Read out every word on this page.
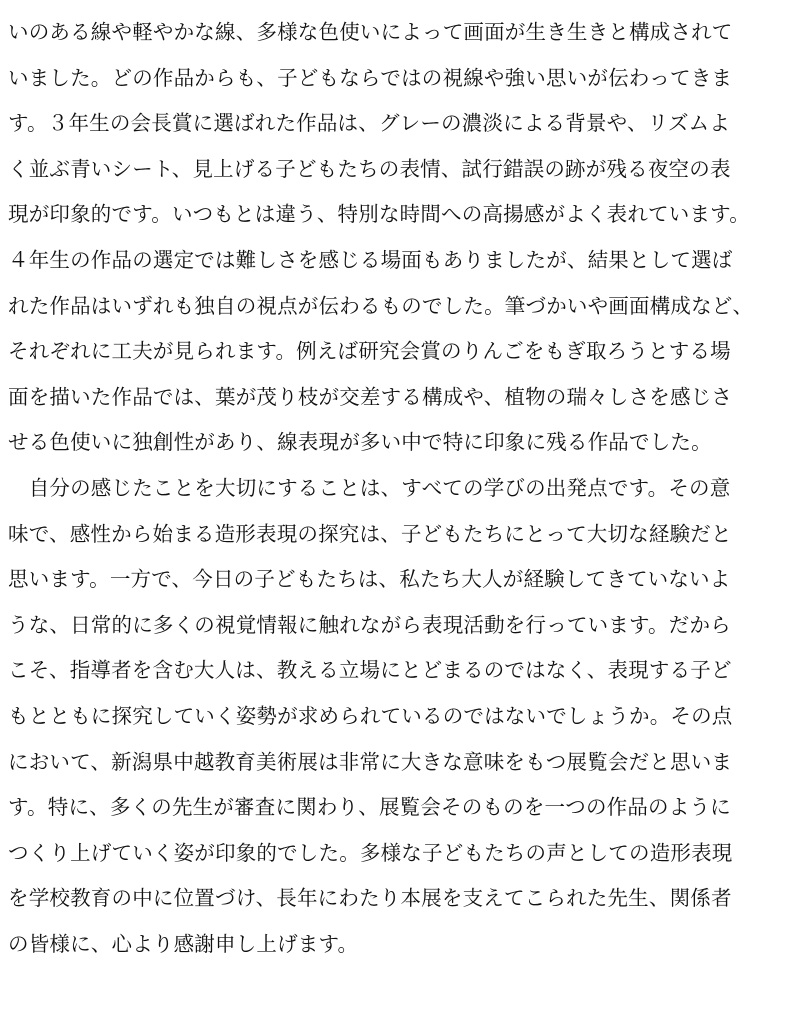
いのある線や軽やかな線、多様な色使いによって画面が生き生きと構成されて
いました。どの作品からも、子どもならではの視線や強い思いが伝わってきま
す。３年生の会長賞に選ばれた作品は、グレーの濃淡による背景や、リズムよ
く並ぶ青いシート、見上げる子どもたちの表情、試行錯誤の跡が残る夜空の表
現が印象的です。いつもとは違う、特別な時間への高揚感がよく表れています。
４年生の作品の選定では難しさを感じる場面もありましたが、結果として選ば
れた作品はいずれも独自の視点が伝わるものでした。筆づかいや画面構成など、
それぞれに工夫が見られます。例えば研究会賞のりんごをもぎ取ろうとする場
面を描いた作品では、葉が茂り枝が交差する構成や、植物の瑞々しさを感じさ
せる色使いに独創性があり、線表現が多い中で特に印象に残る作品でした。
　自分の感じたことを大切にすることは、すべての学びの出発点です。その意
味で、感性から始まる造形表現の探究は、子どもたちにとって大切な経験だと
思います。一方で、今日の子どもたちは、私たち大人が経験してきていないよ
うな、日常的に多くの視覚情報に触れながら表現活動を行っています。だから
こそ、指導者を含む大人は、教える立場にとどまるのではなく、表現する子ど
もとともに探究していく姿勢が求められているのではないでしょうか。その点
において、新潟県中越教育美術展は非常に大きな意味をもつ展覧会だと思いま
す。特に、多くの先生が審査に関わり、展覧会そのものを一つの作品のように
つくり上げていく姿が印象的でした。多様な子どもたちの声としての造形表現
を学校教育の中に位置づけ、長年にわたり本展を支えてこられた先生、関係者
の皆様に、心より感謝申し上げます。
